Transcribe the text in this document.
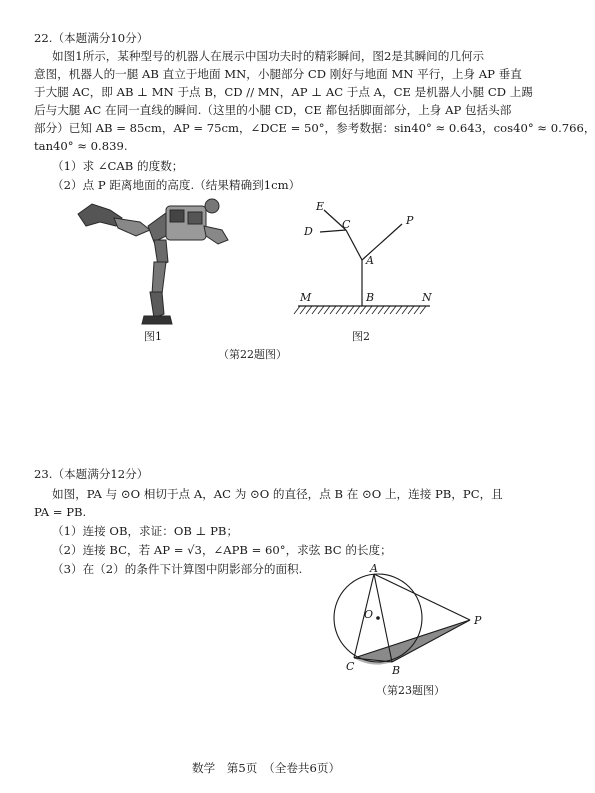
22.（本题满分10分）
如图1所示，某种型号的机器人在展示中国功夫时的精彩瞬间，图2是其瞬间的几何示
意图，机器人的一腿 AB 直立于地面 MN，小腿部分 CD 刚好与地面 MN 平行，上身 AP 垂直
于大腿 AC，即 AB ⊥ MN 于点 B，CD // MN，AP ⊥ AC 于点 A，CE 是机器人小腿 CD 上踢
后与大腿 AC 在同一直线的瞬间.（这里的小腿 CD，CE 都包括脚面部分，上身 AP 包括头部
部分）已知 AB = 85cm，AP = 75cm，∠DCE = 50°，参考数据：sin40° ≈ 0.643，cos40° ≈ 0.766，
tan40° ≈ 0.839.
（1）求 ∠CAB 的度数；
（2）点 P 距离地面的高度.（结果精确到1cm）
E
D
C	P
A
M	B	N
图1	图2
（第22题图）
23.（本题满分12分）
如图，PA 与 ⊙O 相切于点 A，AC 为 ⊙O 的直径，点 B 在 ⊙O 上，连接 PB，PC，且
PA = PB.
（1）连接 OB，求证：OB ⊥ PB；
（2）连接 BC，若 AP = √3，∠APB = 60°，求弦 BC 的长度；
（3）在（2）的条件下计算图中阴影部分的面积.	A
O	P
C	B
（第23题图）
数学　第5页　（全卷共6页）
